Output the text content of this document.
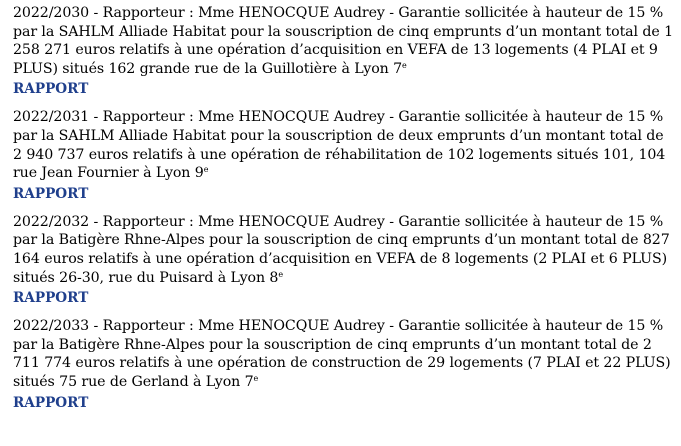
2022/2030 - Rapporteur : Mme HENOCQUE Audrey - Garantie sollicitée à hauteur de 15 % par la SAHLM Alliade Habitat pour la souscription de cinq emprunts d’un montant total de 1 258 271 euros relatifs à une opération d’acquisition en VEFA de 13 logements (4 PLAI et 9 PLUS) situés 162 grande rue de la Guillotière à Lyon 7e

RAPPORT

2022/2031 - Rapporteur : Mme HENOCQUE Audrey - Garantie sollicitée à hauteur de 15 % par la SAHLM Alliade Habitat pour la souscription de deux emprunts d’un montant total de 2 940 737 euros relatifs à une opération de réhabilitation de 102 logements situés 101, 104 rue Jean Fournier à Lyon 9e

RAPPORT

2022/2032 - Rapporteur : Mme HENOCQUE Audrey - Garantie sollicitée à hauteur de 15 % par la Batigère Rhne-Alpes pour la souscription de cinq emprunts d’un montant total de 827 164 euros relatifs à une opération d’acquisition en VEFA de 8 logements (2 PLAI et 6 PLUS) situés 26-30, rue du Puisard à Lyon 8e

RAPPORT

2022/2033 - Rapporteur : Mme HENOCQUE Audrey - Garantie sollicitée à hauteur de 15 % par la Batigère Rhne-Alpes pour la souscription de cinq emprunts d’un montant total de 2 711 774 euros relatifs à une opération de construction de 29 logements (7 PLAI et 22 PLUS) situés 75 rue de Gerland à Lyon 7e

RAPPORT
